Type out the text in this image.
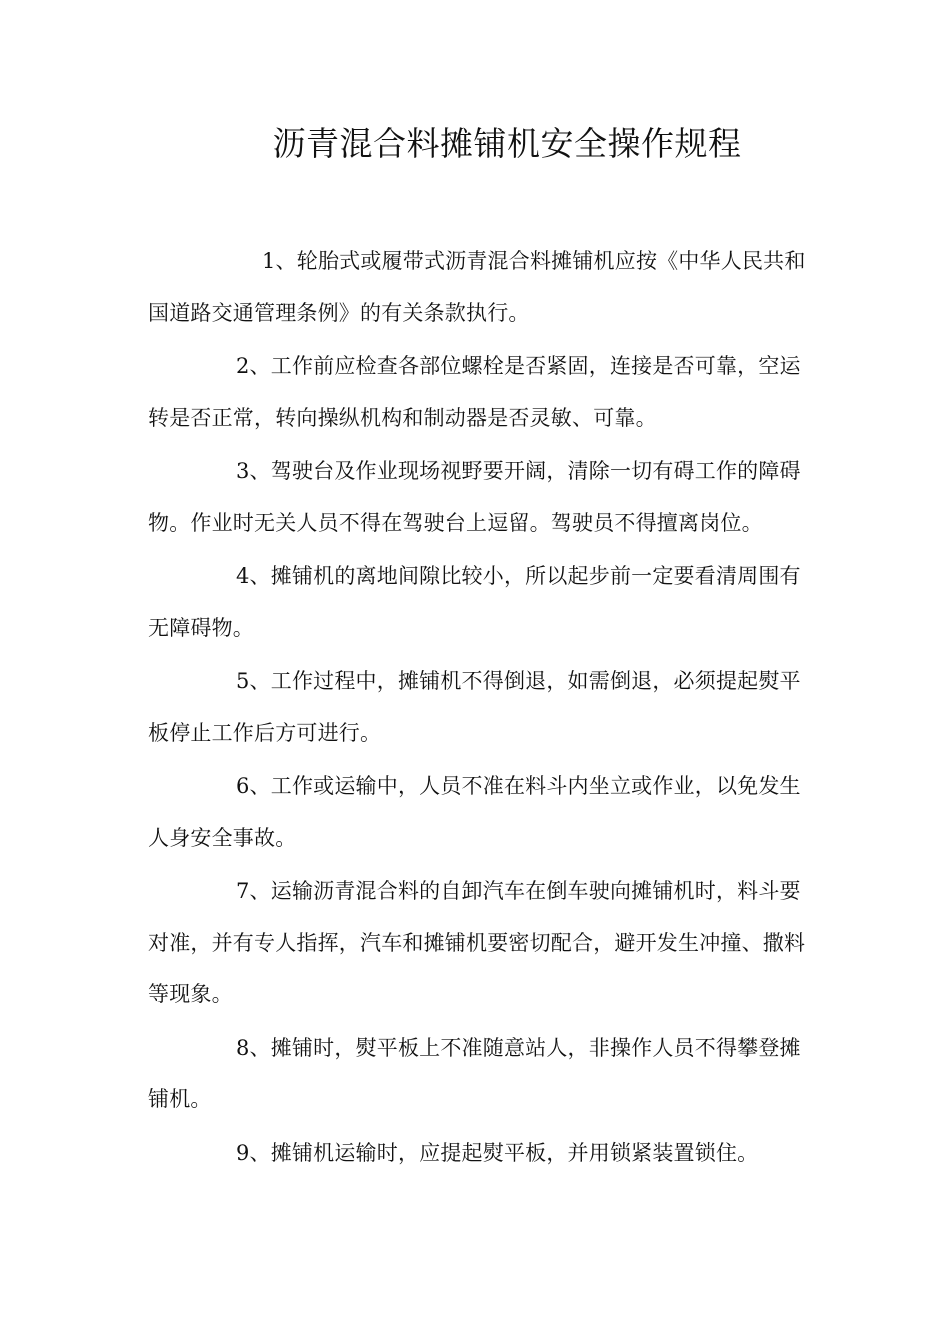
沥青混合料摊铺机安全操作规程

1、轮胎式或履带式沥青混合料摊铺机应按《中华人民共和国道路交通管理条例》的有关条款执行。

2、工作前应检查各部位螺栓是否紧固，连接是否可靠，空运转是否正常，转向操纵机构和制动器是否灵敏、可靠。

3、驾驶台及作业现场视野要开阔，清除一切有碍工作的障碍物。作业时无关人员不得在驾驶台上逗留。驾驶员不得擅离岗位。

4、摊铺机的离地间隙比较小，所以起步前一定要看清周围有无障碍物。

5、工作过程中，摊铺机不得倒退，如需倒退，必须提起熨平板停止工作后方可进行。

6、工作或运输中，人员不准在料斗内坐立或作业，以免发生人身安全事故。

7、运输沥青混合料的自卸汽车在倒车驶向摊铺机时，料斗要对准，并有专人指挥，汽车和摊铺机要密切配合，避开发生冲撞、撒料等现象。

8、摊铺时，熨平板上不准随意站人，非操作人员不得攀登摊铺机。

9、摊铺机运输时，应提起熨平板，并用锁紧装置锁住。
